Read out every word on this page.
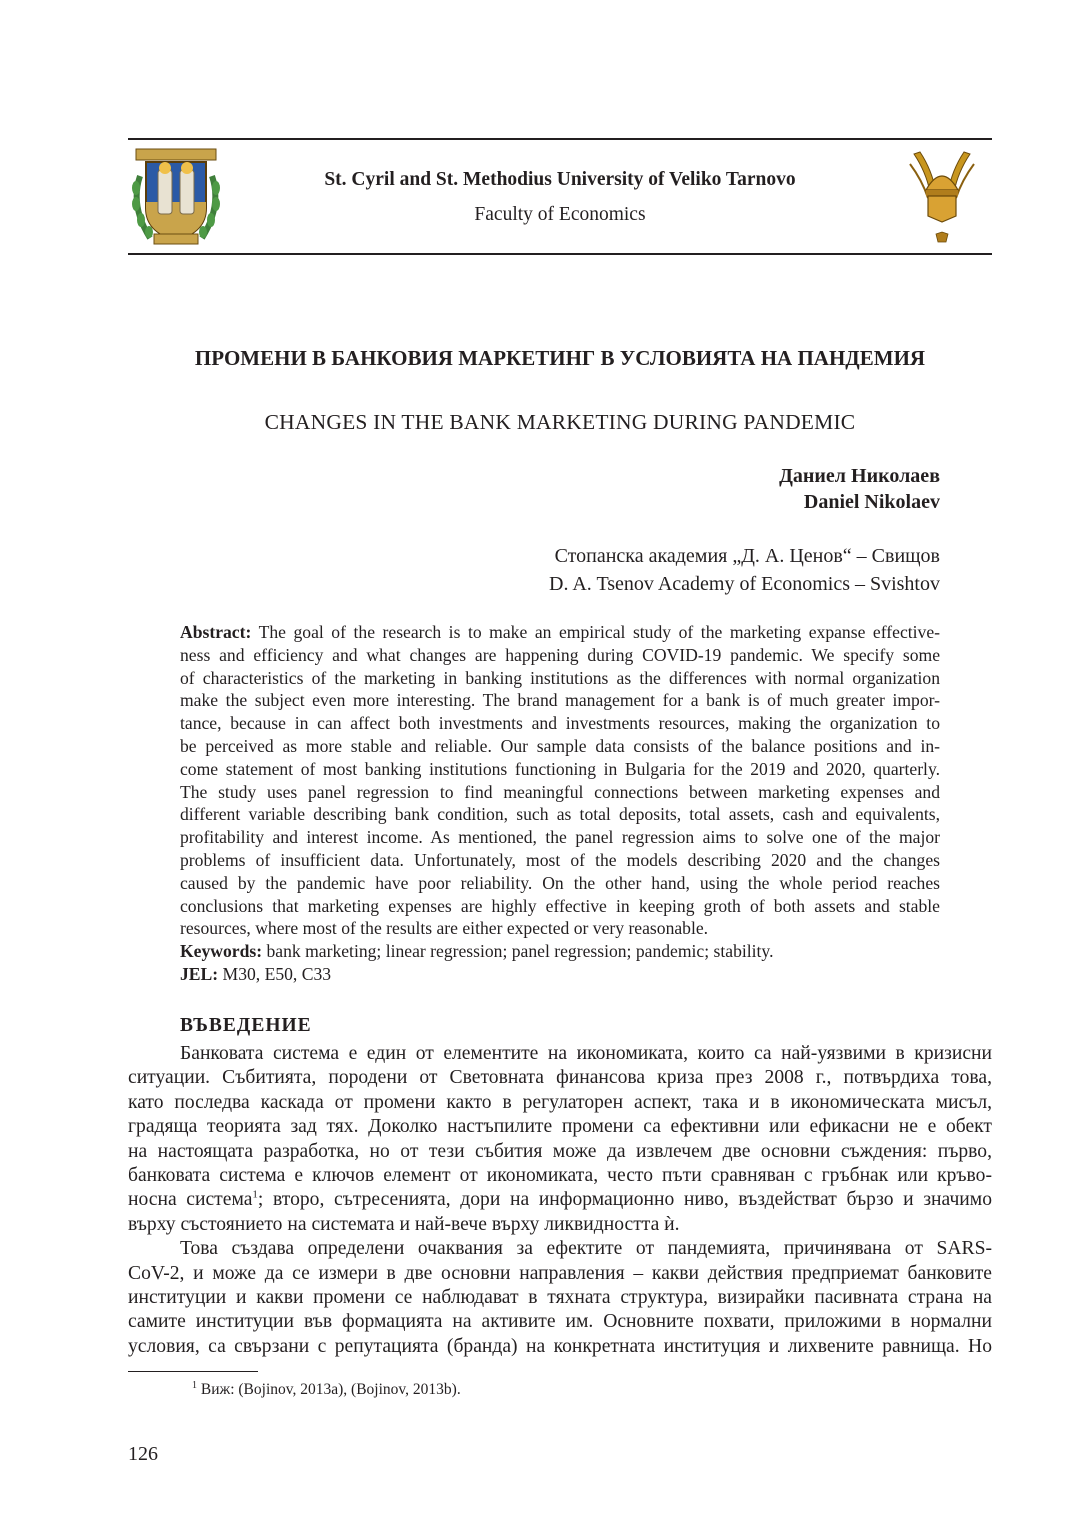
St. Cyril and St. Methodius University of Veliko Tarnovo
Faculty of Economics
ПРОМЕНИ В БАНКОВИЯ МАРКЕТИНГ В УСЛОВИЯТА НА ПАНДЕМИЯ
CHANGES IN THE BANK MARKETING DURING PANDEMIC
Даниел Николаев
Daniel Nikolaev
Стопанска академия „Д. А. Ценов“ – Свищов
D. A. Tsenov Academy of Economics – Svishtov

Abstract: The goal of the research is to make an empirical study of the marketing expanse effective-

ness and efficiency and what changes are happening during COVID-19 pandemic. We specify some

of characteristics of the marketing in banking institutions as the differences with normal organization

make the subject even more interesting. The brand management for a bank is of much greater impor-

tance, because in can affect both investments and investments resources, making the organization to

be perceived as more stable and reliable. Our sample data consists of the balance positions and in-

come statement of most banking institutions functioning in Bulgaria for the 2019 and 2020, quarterly.

The study uses panel regression to find meaningful connections between marketing expenses and

different variable describing bank condition, such as total deposits, total assets, cash and equivalents,

profitability and interest income. As mentioned, the panel regression aims to solve one of the major

problems of insufficient data. Unfortunately, most of the models describing 2020 and the changes

caused by the pandemic have poor reliability. On the other hand, using the whole period reaches

conclusions that marketing expenses are highly effective in keeping groth of both assets and stable

resources, where most of the results are either expected or very reasonable.

Keywords: bank marketing; linear regression; panel regression; pandemic; stability.

JEL: M30, E50, C33

ВЪВЕДЕНИЕ

Банковата система е един от елементите на икономиката, които са най-уязвими в кризисни

ситуации. Събитията, породени от Световната финансова криза през 2008 г., потвърдиха това,

като последва каскада от промени както в регулаторен аспект, така и в икономическата мисъл,

градяща теорията зад тях. Доколко настъпилите промени са ефективни или ефикасни не е обект

на настоящата разработка, но от тези събития може да извлечем две основни съждения: първо,

банковата система е ключов елемент от икономиката, често пъти сравняван с гръбнак или кръво-

носна система$^1$; второ, сътресенията, дори на информационно ниво, въздействат бързо и значимо

върху състоянието на системата и най-вече върху ликвидността ѝ.

Това създава определени очаквания за ефектите от пандемията, причинявана от SARS-

CoV-2, и може да се измери в две основни направления – какви действия предприемат банковите

институции и какви промени се наблюдават в тяхната структура, визирайки пасивната страна на

самите институции във формацията на активите им. Основните похвати, приложими в нормални

условия, са свързани с репутацията (бранда) на конкретната институция и лихвените равнища. Но

$^1$ Виж: (Bojinov, 2013a), (Bojinov, 2013b).
126
